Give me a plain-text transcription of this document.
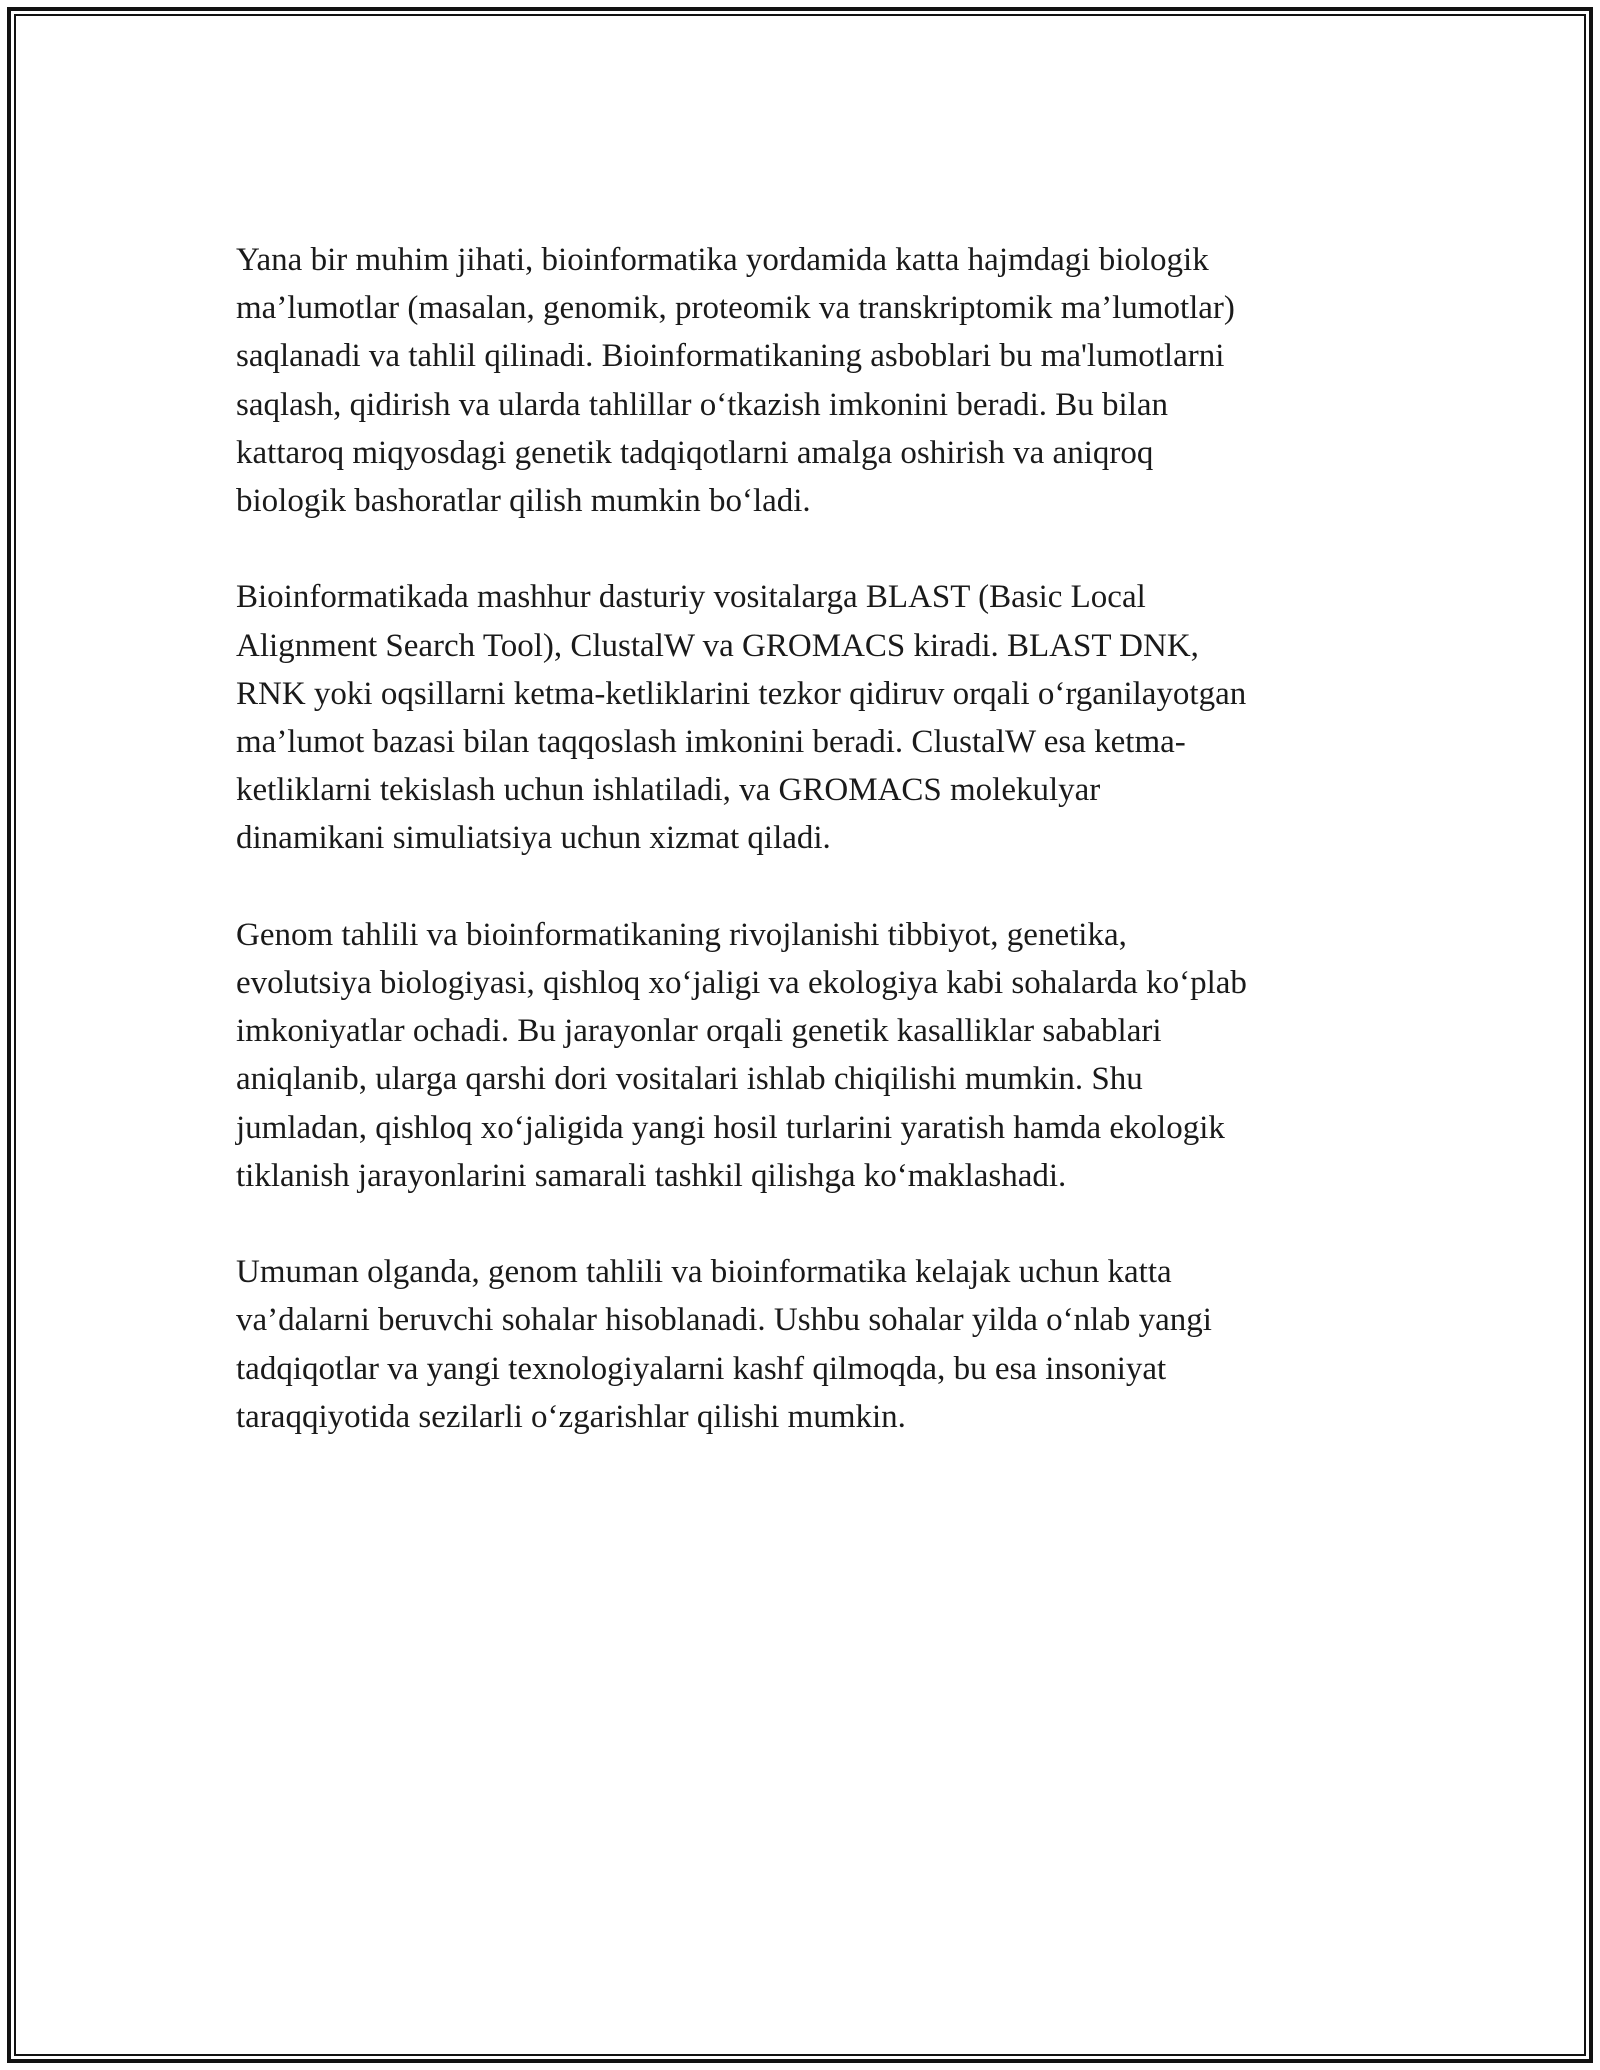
Yana bir muhim jihati, bioinformatika yordamida katta hajmdagi biologik
ma’lumotlar (masalan, genomik, proteomik va transkriptomik ma’lumotlar)
saqlanadi va tahlil qilinadi. Bioinformatikaning asboblari bu ma'lumotlarni
saqlash, qidirish va ularda tahlillar o‘tkazish imkonini beradi. Bu bilan
kattaroq miqyosdagi genetik tadqiqotlarni amalga oshirish va aniqroq
biologik bashoratlar qilish mumkin bo‘ladi.

Bioinformatikada mashhur dasturiy vositalarga BLAST (Basic Local
Alignment Search Tool), ClustalW va GROMACS kiradi. BLAST DNK,
RNK yoki oqsillarni ketma-ketliklarini tezkor qidiruv orqali o‘rganilayotgan
ma’lumot bazasi bilan taqqoslash imkonini beradi. ClustalW esa ketma-
ketliklarni tekislash uchun ishlatiladi, va GROMACS molekulyar
dinamikani simuliatsiya uchun xizmat qiladi.

Genom tahlili va bioinformatikaning rivojlanishi tibbiyot, genetika,
evolutsiya biologiyasi, qishloq xo‘jaligi va ekologiya kabi sohalarda ko‘plab
imkoniyatlar ochadi. Bu jarayonlar orqali genetik kasalliklar sabablari
aniqlanib, ularga qarshi dori vositalari ishlab chiqilishi mumkin. Shu
jumladan, qishloq xo‘jaligida yangi hosil turlarini yaratish hamda ekologik
tiklanish jarayonlarini samarali tashkil qilishga ko‘maklashadi.

Umuman olganda, genom tahlili va bioinformatika kelajak uchun katta
va’dalarni beruvchi sohalar hisoblanadi. Ushbu sohalar yilda o‘nlab yangi
tadqiqotlar va yangi texnologiyalarni kashf qilmoqda, bu esa insoniyat
taraqqiyotida sezilarli o‘zgarishlar qilishi mumkin.
